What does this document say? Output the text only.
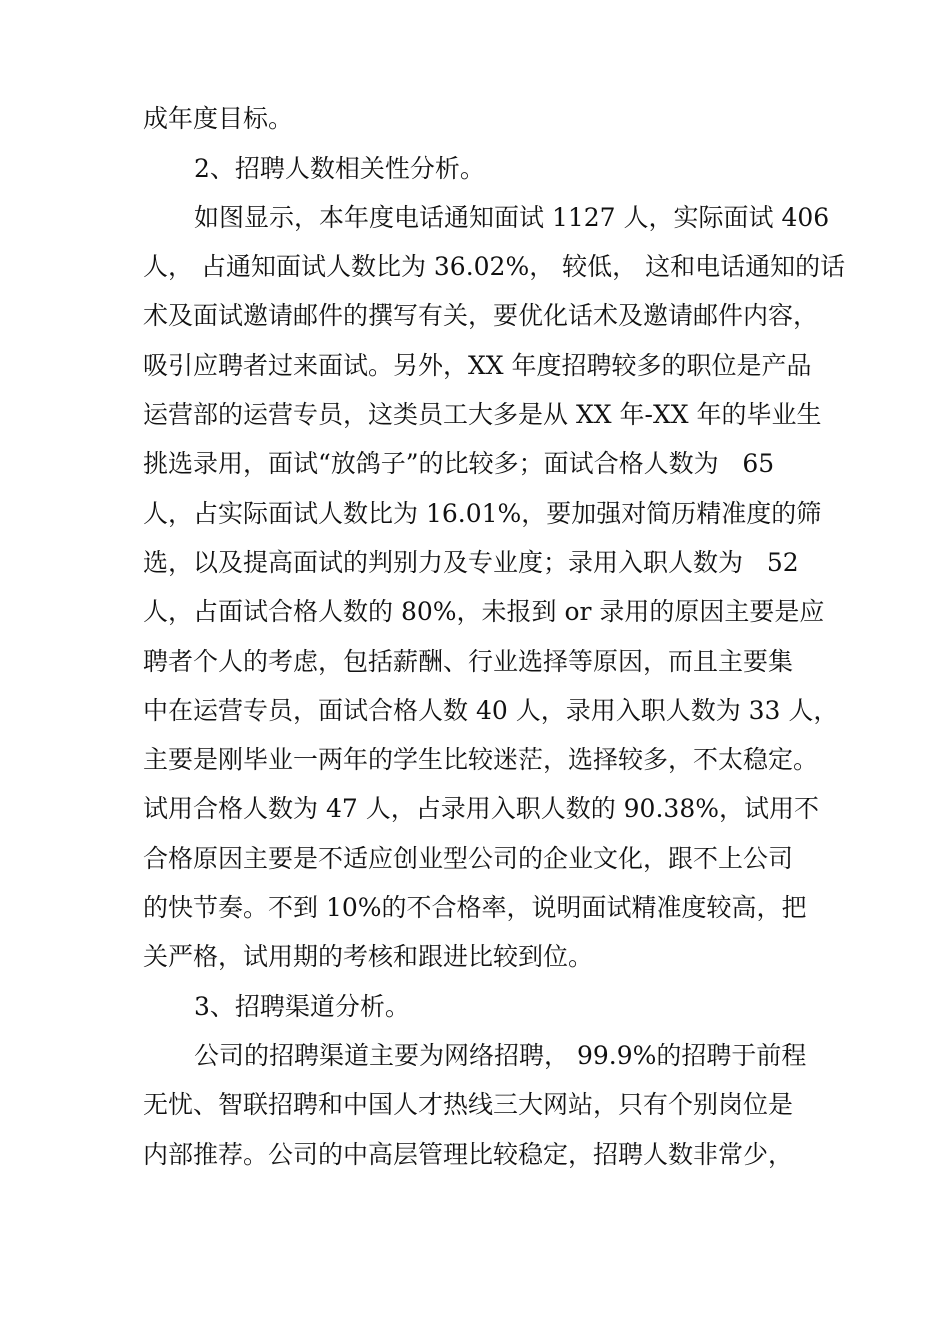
成年度目标。
2、招聘人数相关性分析。
如图显示，本年度电话通知面试 1127 人，实际面试 406
人， 占通知面试人数比为 36.02%， 较低， 这和电话通知的话
术及面试邀请邮件的撰写有关，要优化话术及邀请邮件内容，
吸引应聘者过来面试。另外，XX 年度招聘较多的职位是产品
运营部的运营专员，这类员工大多是从 XX 年-XX 年的毕业生
挑选录用，面试“放鸽子”的比较多；面试合格人数为   65
人，占实际面试人数比为 16.01%，要加强对简历精准度的筛
选，以及提高面试的判别力及专业度；录用入职人数为   52
人，占面试合格人数的 80%，未报到 or 录用的原因主要是应
聘者个人的考虑，包括薪酬、行业选择等原因，而且主要集
中在运营专员，面试合格人数 40 人，录用入职人数为 33 人，
主要是刚毕业一两年的学生比较迷茫，选择较多，不太稳定。
试用合格人数为 47 人，占录用入职人数的 90.38%，试用不
合格原因主要是不适应创业型公司的企业文化，跟不上公司
的快节奏。不到 10%的不合格率，说明面试精准度较高，把
关严格，试用期的考核和跟进比较到位。
3、招聘渠道分析。
公司的招聘渠道主要为网络招聘， 99.9%的招聘于前程
无忧、智联招聘和中国人才热线三大网站，只有个别岗位是
内部推荐。公司的中高层管理比较稳定，招聘人数非常少，
